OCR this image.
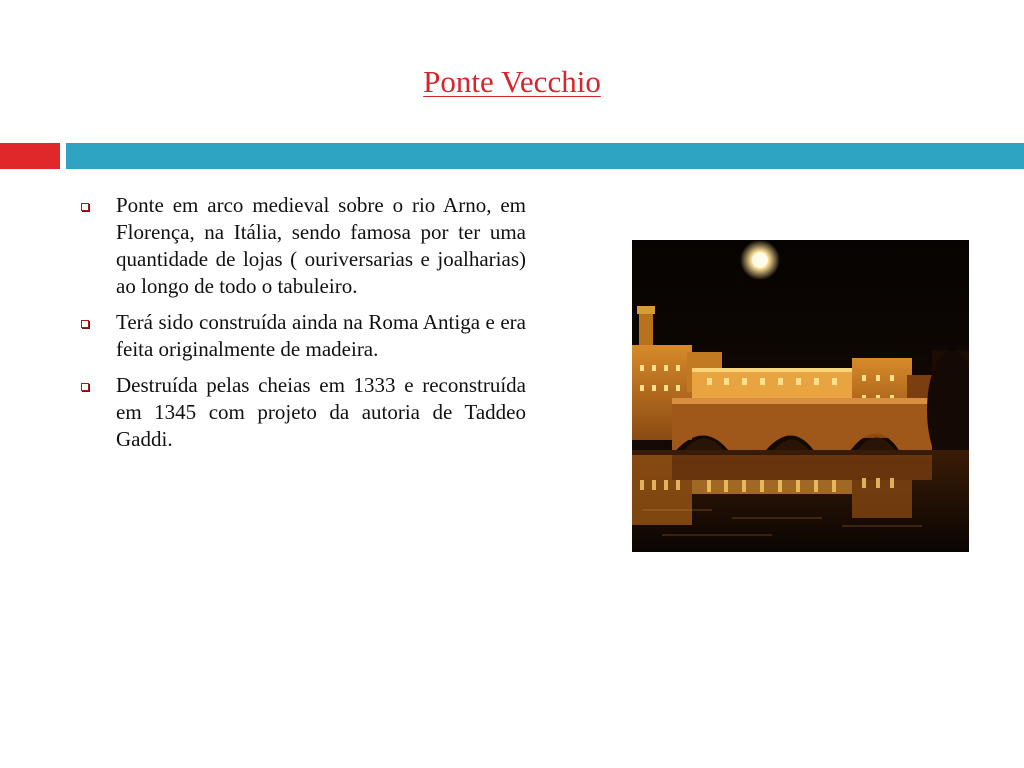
Ponte Vecchio
Ponte em arco medieval sobre o rio Arno, em Florença, na Itália, sendo famosa por ter uma quantidade de lojas ( ouriversarias e joalharias) ao longo de todo o tabuleiro.
Terá sido construída ainda na Roma Antiga e era feita originalmente de madeira.
Destruída pelas cheias em 1333 e reconstruída em 1345 com projeto da autoria de Taddeo Gaddi.
